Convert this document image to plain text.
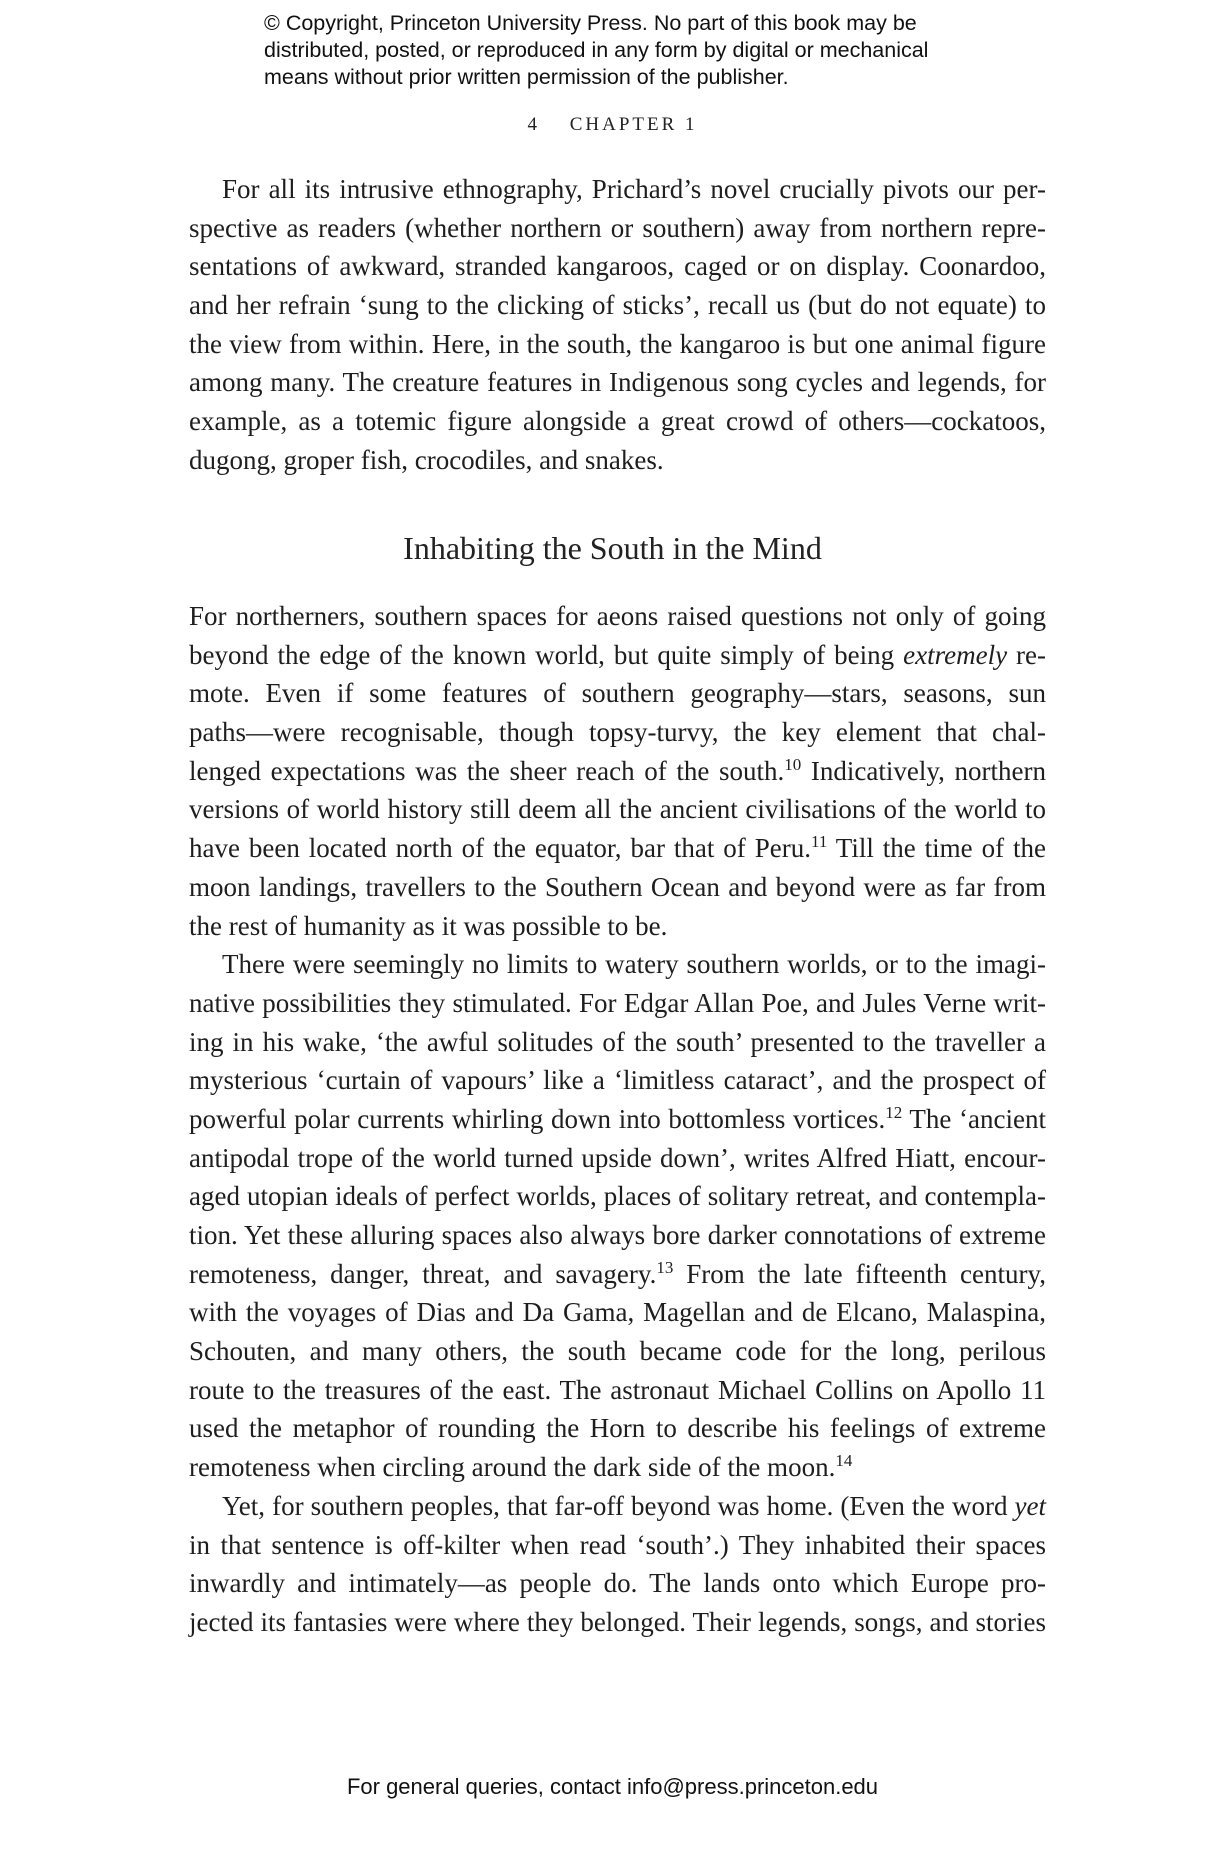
© Copyright, Princeton University Press. No part of this book may be
distributed, posted, or reproduced in any form by digital or mechanical
means without prior written permission of the publisher.
4 CHAPTER 1
For all its intrusive ethnography, Prichard’s novel crucially pivots our per-
spective as readers (whether northern or southern) away from northern repre-
sentations of awkward, stranded kangaroos, caged or on display. Coonardoo,
and her refrain ‘sung to the clicking of sticks’, recall us (but do not equate) to
the view from within. Here, in the south, the kangaroo is but one animal figure
among many. The creature features in Indigenous song cycles and legends, for
example, as a totemic figure alongside a great crowd of others—cockatoos,
dugong, groper fish, crocodiles, and snakes.
Inhabiting the South in the Mind
For northerners, southern spaces for aeons raised questions not only of going
beyond the edge of the known world, but quite simply of being extremely re-
mote. Even if some features of southern geography—stars, seasons, sun
paths—were recognisable, though topsy-turvy, the key element that chal-
lenged expectations was the sheer reach of the south.$^{10}$ Indicatively, northern
versions of world history still deem all the ancient civilisations of the world to
have been located north of the equator, bar that of Peru.$^{11}$ Till the time of the
moon landings, travellers to the Southern Ocean and beyond were as far from
the rest of humanity as it was possible to be.
There were seemingly no limits to watery southern worlds, or to the imagi-
native possibilities they stimulated. For Edgar Allan Poe, and Jules Verne writ-
ing in his wake, ‘the awful solitudes of the south’ presented to the traveller a
mysterious ‘curtain of vapours’ like a ‘limitless cataract’, and the prospect of
powerful polar currents whirling down into bottomless vortices.$^{12}$ The ‘ancient
antipodal trope of the world turned upside down’, writes Alfred Hiatt, encour-
aged utopian ideals of perfect worlds, places of solitary retreat, and contempla-
tion. Yet these alluring spaces also always bore darker connotations of extreme
remoteness, danger, threat, and savagery.$^{13}$ From the late fifteenth century,
with the voyages of Dias and Da Gama, Magellan and de Elcano, Malaspina,
Schouten, and many others, the south became code for the long, perilous
route to the treasures of the east. The astronaut Michael Collins on Apollo 11
used the metaphor of rounding the Horn to describe his feelings of extreme
remoteness when circling around the dark side of the moon.$^{14}$
Yet, for southern peoples, that far-off beyond was home. (Even the word yet
in that sentence is off-kilter when read ‘south’.) They inhabited their spaces
inwardly and intimately—as people do. The lands onto which Europe pro-
jected its fantasies were where they belonged. Their legends, songs, and stories
For general queries, contact info@press.princeton.edu
